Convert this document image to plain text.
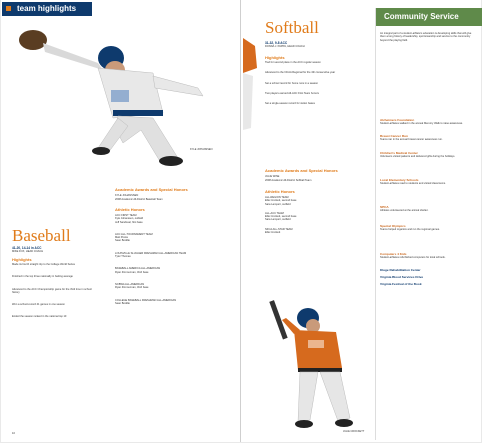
team highlights
KYLE JOHANSSEN
Baseball
41-20, 14-14 in ACC
MIKE FOX, HEAD COACH
Highlights
Made its fourth straight trip to the College World Series
Finished in the top three nationally in batting average
Advanced to the ACC Championship game for the third time in school history
Won a school-record 41 games in one season
Ended the season ranked in the national top 10
Academic Awards and Special Honors
KYLE JOHANSSEN
2008 Academic All-District Baseball Team
Athletic Honors
ACC FIRST TEAM
Kyle Johanssen, outfield
Jeff Sandoval, first base
ACC ALL-TOURNAMENT TEAM
Matt Preiss
Sean Boddie
LOUISVILLE SLUGGER FRESHMAN ALL-AMERICAN TEAM
Tyler Thomas
BASEBALL AMERICA ALL-AMERICAN
Ryan Zimmerman, third base
NCBWA ALL-AMERICAN
Ryan Zimmerman, third base
COLLEGE BASEBALL FRESHMAN ALL-AMERICAN
Sean Boddie
10
Softball
31-32, 9-8 ACC
DONNA J. PAPPA, HEAD COACH
Highlights
Tied for second place in the ACC regular season
Advanced to the NCAA Regional for the 4th consecutive year
Set a school record for home runs in a season
Two players earned All-ACC First Team honors
Set a single-season record for stolen bases
Academic Awards and Special Honors
JULIE WISE
2008 Academic All-District Softball Team
Athletic Honors
ALL-REGION TEAM
Ellie Crockett, second base
Sara Lampert, outfield
ALL-ACC TEAM
Ellie Crockett, second base
Sara Lampert, outfield
NFCA ALL-STAR TEAM
Ellie Crockett
JULIE CROCKETT
Community Service
An integral part of a student-athlete's education is developing skills that will give them a long history of leadership, sportsmanship and service to the community beyond the playing field.
Alzheimers Foundation
Student-athletes walked in the annual Memory Walk to raise awareness.
Breast Cancer Run
Teams ran in the annual breast cancer awareness run.
Children's Medical Center
Volunteers visited patients and delivered gifts during the holidays.
Local Elementary Schools
Student-athletes read to students and visited classrooms.
SPCA
Athletes volunteered at the animal shelter.
Special Olympics
Teams helped organize and run the regional games.
Computers 4 Kids
Student-athletes refurbished computers for local schools.
Kluge Rehabilitation Center
Virginia Blood Services Drive
Virginia Festival of the Book
